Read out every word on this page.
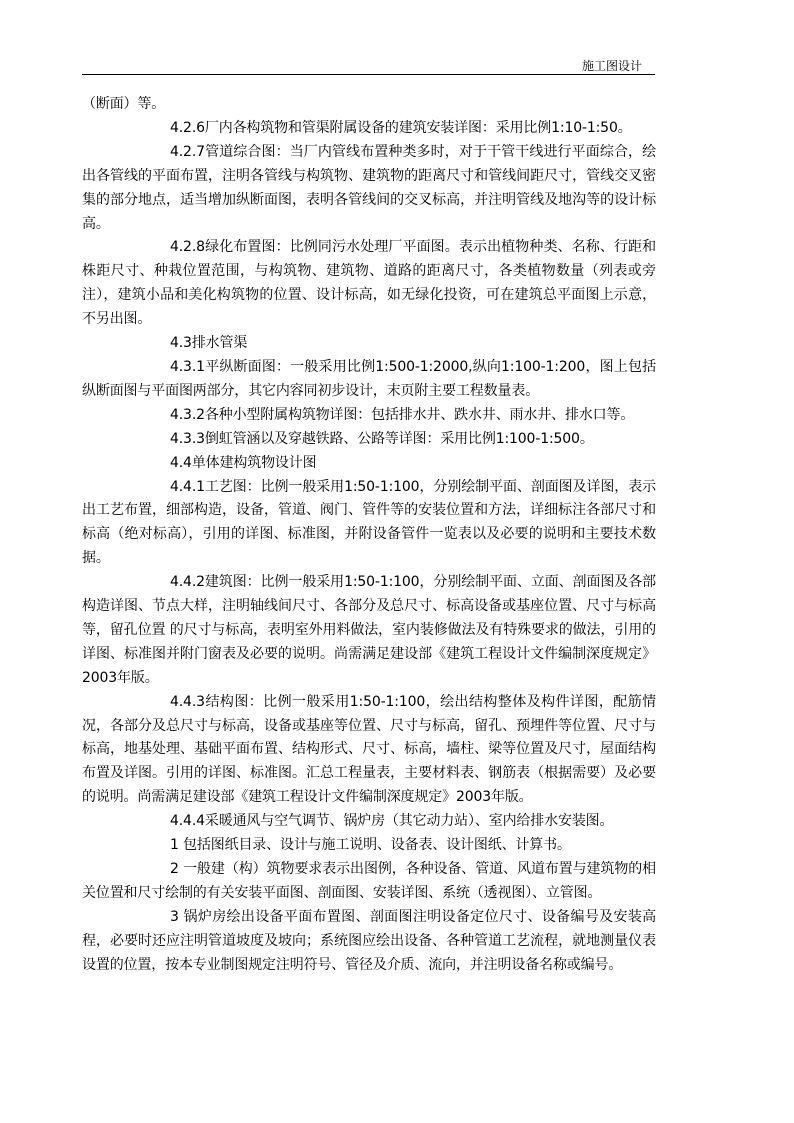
施工图设计

（断面）等。

4.2.6厂内各构筑物和管渠附属设备的建筑安装详图：采用比例1:10-1:50。

4.2.7管道综合图：当厂内管线布置种类多时，对于干管干线进行平面综合，绘出各管线的平面布置，注明各管线与构筑物、建筑物的距离尺寸和管线间距尺寸，管线交叉密集的部分地点，适当增加纵断面图，表明各管线间的交叉标高，并注明管线及地沟等的设计标高。

4.2.8绿化布置图：比例同污水处理厂平面图。表示出植物种类、名称、行距和株距尺寸、种栽位置范围，与构筑物、建筑物、道路的距离尺寸，各类植物数量（列表或旁注），建筑小品和美化构筑物的位置、设计标高，如无绿化投资，可在建筑总平面图上示意，不另出图。

4.3排水管渠

4.3.1平纵断面图：一般采用比例1:500-1:2000,纵向1:100-1:200，图上包括纵断面图与平面图两部分，其它内容同初步设计，末页附主要工程数量表。

4.3.2各种小型附属构筑物详图：包括排水井、跌水井、雨水井、排水口等。

4.3.3倒虹管涵以及穿越铁路、公路等详图：采用比例1:100-1:500。

4.4单体建构筑物设计图

4.4.1工艺图：比例一般采用1:50-1:100，分别绘制平面、剖面图及详图，表示出工艺布置，细部构造，设备，管道、阀门、管件等的安装位置和方法，详细标注各部尺寸和标高（绝对标高），引用的详图、标准图，并附设备管件一览表以及必要的说明和主要技术数据。

4.4.2建筑图：比例一般采用1:50-1:100，分别绘制平面、立面、剖面图及各部构造详图、节点大样，注明轴线间尺寸、各部分及总尺寸、标高设备或基座位置、尺寸与标高等，留孔位置 的尺寸与标高，表明室外用料做法，室内装修做法及有特殊要求的做法，引用的详图、标准图并附门窗表及必要的说明。尚需满足建设部《建筑工程设计文件编制深度规定》2003年版。

4.4.3结构图：比例一般采用1:50-1:100，绘出结构整体及构件详图，配筋情况，各部分及总尺寸与标高，设备或基座等位置、尺寸与标高，留孔、预埋件等位置、尺寸与标高，地基处理、基础平面布置、结构形式、尺寸、标高，墙柱、梁等位置及尺寸，屋面结构布置及详图。引用的详图、标准图。汇总工程量表，主要材料表、钢筋表（根据需要）及必要的说明。尚需满足建设部《建筑工程设计文件编制深度规定》2003年版。

4.4.4采暖通风与空气调节、锅炉房（其它动力站）、室内给排水安装图。

1 包括图纸目录、设计与施工说明、设备表、设计图纸、计算书。

2 一般建（构）筑物要求表示出图例，各种设备、管道、风道布置与建筑物的相关位置和尺寸绘制的有关安装平面图、剖面图、安装详图、系统（透视图）、立管图。

3 锅炉房绘出设备平面布置图、剖面图注明设备定位尺寸、设备编号及安装高程，必要时还应注明管道坡度及坡向；系统图应绘出设备、各种管道工艺流程，就地测量仪表设置的位置，按本专业制图规定注明符号、管径及介质、流向，并注明设备名称或编号。
